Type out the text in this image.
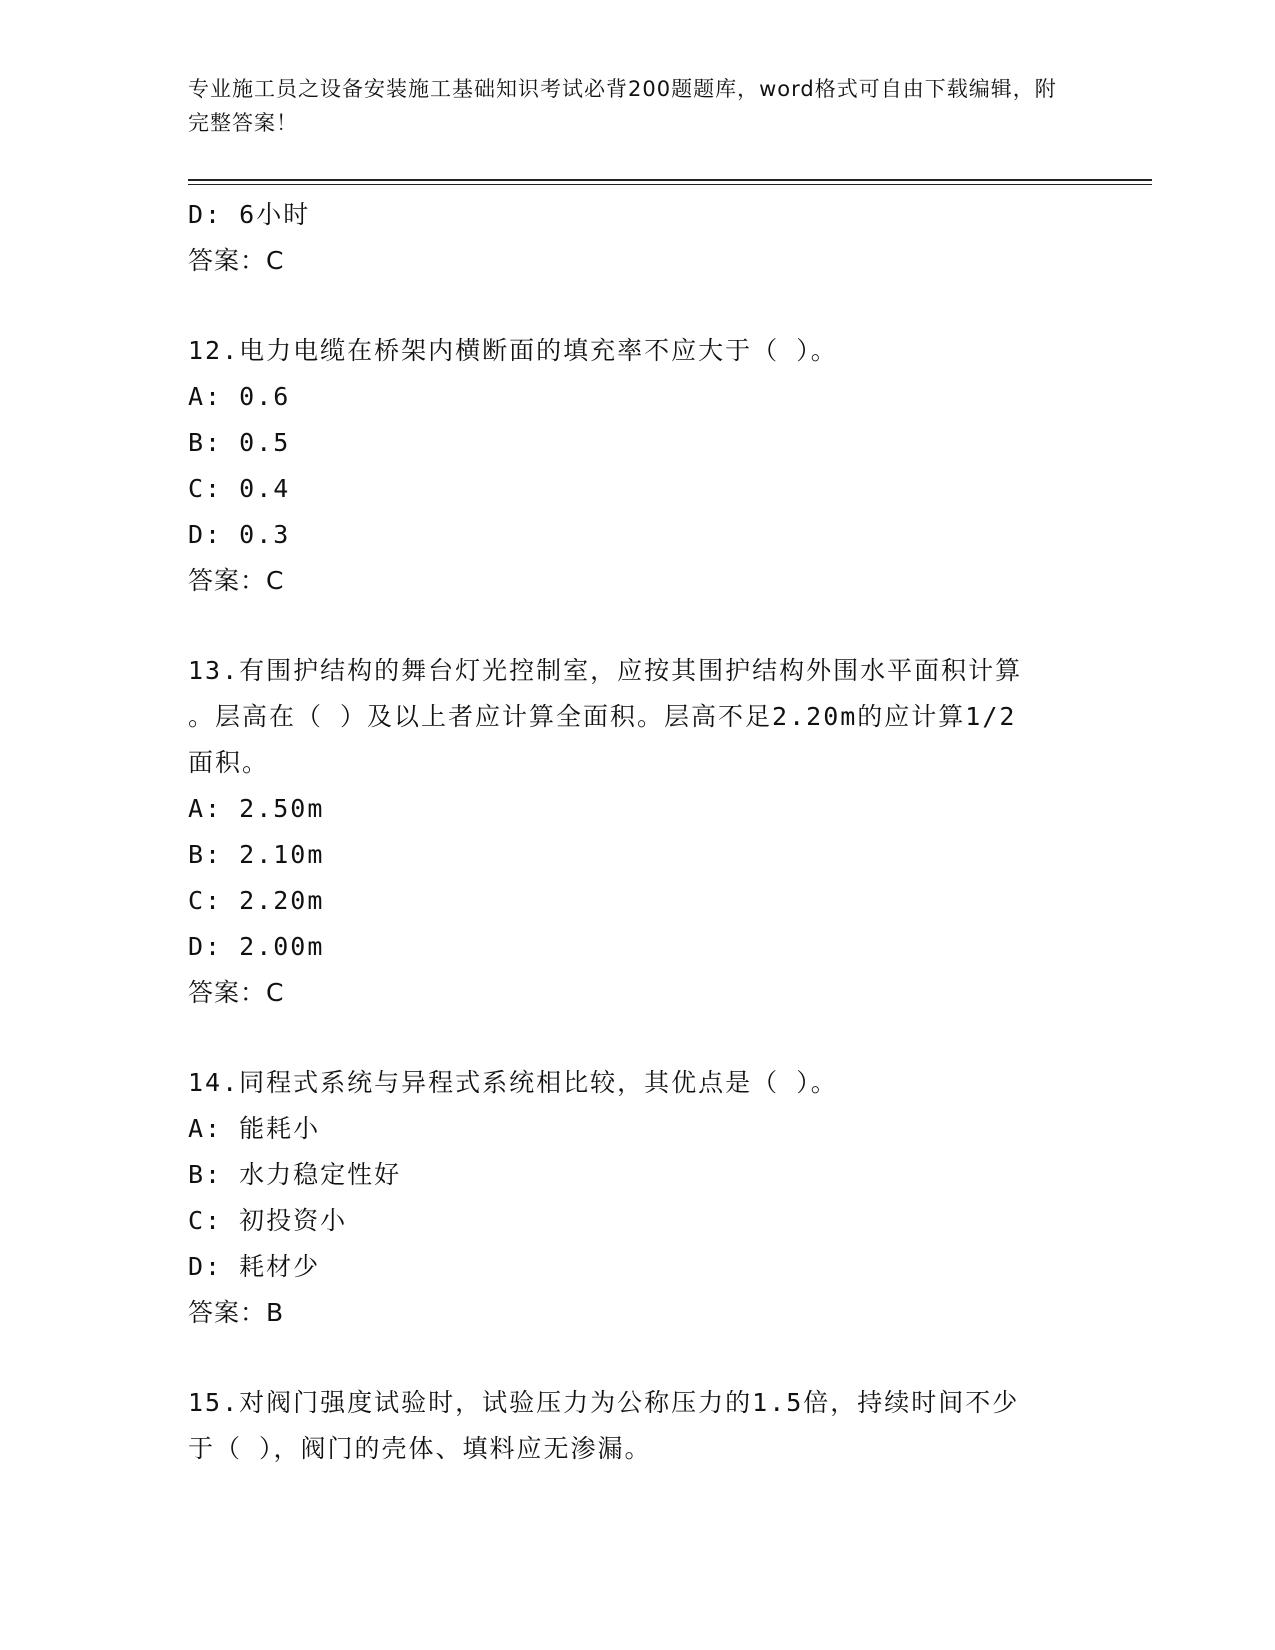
专业施工员之设备安装施工基础知识考试必背200题题库，word格式可自由下载编辑，附完整答案！
D: 6小时
答案：C
12.电力电缆在桥架内横断面的填充率不应大于（ ）。
A: 0.6
B: 0.5
C: 0.4
D: 0.3
答案：C
13.有围护结构的舞台灯光控制室，应按其围护结构外围水平面积计算
。层高在（ ）及以上者应计算全面积。层高不足2.20m的应计算1/2
面积。
A: 2.50m
B: 2.10m
C: 2.20m
D: 2.00m
答案：C
14.同程式系统与异程式系统相比较，其优点是（ ）。
A: 能耗小
B: 水力稳定性好
C: 初投资小
D: 耗材少
答案：B
15.对阀门强度试验时，试验压力为公称压力的1.5倍，持续时间不少
于（ ），阀门的壳体、填料应无渗漏。
